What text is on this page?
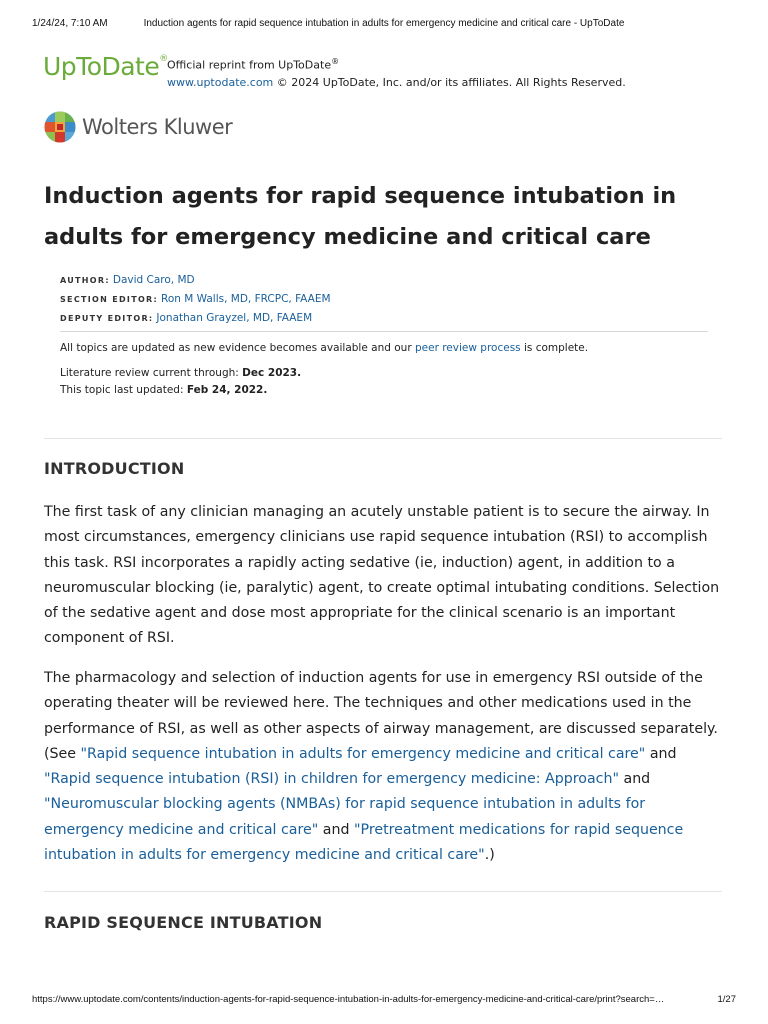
1/24/24, 7:10 AM	Induction agents for rapid sequence intubation in adults for emergency medicine and critical care - UpToDate
UpToDate® Official reprint from UpToDate®
www.uptodate.com © 2024 UpToDate, Inc. and/or its affiliates. All Rights Reserved.
Wolters Kluwer
Induction agents for rapid sequence intubation in adults for emergency medicine and critical care
AUTHOR: David Caro, MD
SECTION EDITOR: Ron M Walls, MD, FRCPC, FAAEM
DEPUTY EDITOR: Jonathan Grayzel, MD, FAAEM
All topics are updated as new evidence becomes available and our peer review process is complete.
Literature review current through: Dec 2023.
This topic last updated: Feb 24, 2022.
INTRODUCTION

The first task of any clinician managing an acutely unstable patient is to secure the airway. In most circumstances, emergency clinicians use rapid sequence intubation (RSI) to accomplish this task. RSI incorporates a rapidly acting sedative (ie, induction) agent, in addition to a neuromuscular blocking (ie, paralytic) agent, to create optimal intubating conditions. Selection of the sedative agent and dose most appropriate for the clinical scenario is an important component of RSI.

The pharmacology and selection of induction agents for use in emergency RSI outside of the operating theater will be reviewed here. The techniques and other medications used in the performance of RSI, as well as other aspects of airway management, are discussed separately. (See "Rapid sequence intubation in adults for emergency medicine and critical care" and "Rapid sequence intubation (RSI) in children for emergency medicine: Approach" and "Neuromuscular blocking agents (NMBAs) for rapid sequence intubation in adults for emergency medicine and critical care" and "Pretreatment medications for rapid sequence intubation in adults for emergency medicine and critical care".)

RAPID SEQUENCE INTUBATION
https://www.uptodate.com/contents/induction-agents-for-rapid-sequence-intubation-in-adults-for-emergency-medicine-and-critical-care/print?search=…	1/27
